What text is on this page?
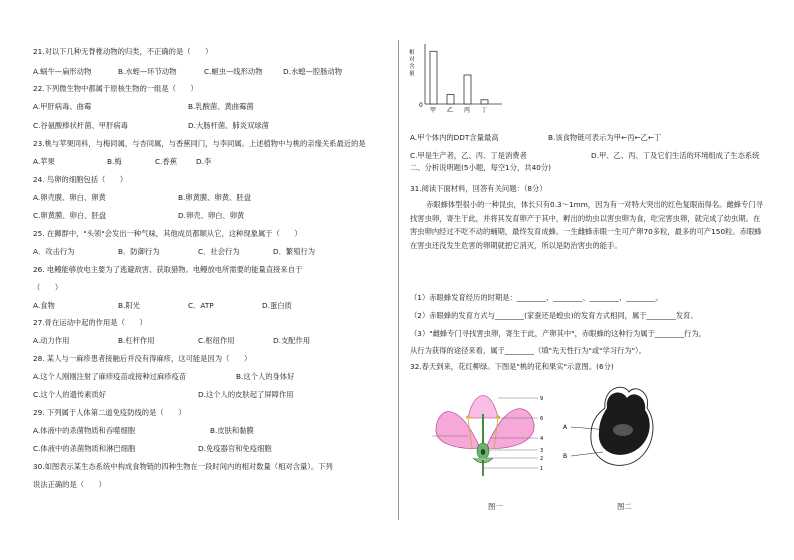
21.对以下几种无脊椎动物的归类，不正确的是（　　）
A.蜗牛—扁形动物	B.水蛭—环节动物	C.蛔虫—线形动物	D.水螅—腔肠动物
22.下列微生物中都属于原核生物的一组是（　　）
A.甲肝病毒、曲霉	B.乳酸菌、黄曲霉菌
C.谷氨酸棒状杆菌、甲肝病毒	D.大肠杆菌、肺炎双球菌
23.桃与苹果同科，与梅同属，与杏同属，与香蕉同门，与李同属。上述植物中与桃的亲缘关系最近的是
A.苹果	B.梅	C.香蕉	D.李
24. 鸟卵的细胞包括（　　）
A.卵壳膜、卵白、卵黄	B.卵黄膜、卵黄、胚盘
C.卵黄膜、卵白、胚盘	D.卵壳、卵白、卵黄
25. 在狮群中，"头领"会发出一种气味，其他成员都顺从它，这种现象属于（　　）
A．攻击行为	B．防御行为	C．社会行为	D．繁殖行为
26. 电鳗能够放电主要为了逃避敌害、获取猎物。电鳗放电所需要的能量直接来自于
（　　）
A.食物	B.阳光	C．ATP	D.蛋白质
27.骨在运动中起的作用是（　　）
A.动力作用	B.杠杆作用	C.枢纽作用	D.支配作用
28. 某人与一麻疹患者接触后并没有得麻疹，这可能是因为（　　）
A.这个人刚刚注射了麻疹疫苗或接种过麻疹疫苗	B.这个人的身体好
C.这个人的遗传素质好	D.这个人的皮肤起了屏障作用
29. 下列属于人体第二道免疫防线的是（　　）
A.体液中的杀菌物质和吞噬细胞	B.皮肤和黏膜
C.体液中的杀菌物质和淋巴细胞	D.免疫器官和免疫细胞
30.如图表示某生态系统中构成食物链的四种生物在一段时间内的相对数量（相对含量）。下列
说法正确的是（　　）
0
相对含量
甲 乙 丙 丁
A.甲个体内的DDT含量最高	B.该食物链可表示为甲←丙←乙←丁
C.甲是生产者，乙、丙、丁是消费者	D.甲、乙、丙、丁及它们生活的环境组成了生态系统
二、分析说明题(5小题，每空1分，共40分)
31.阅读下面材料，回答有关问题：（8分）
赤眼蜂体型很小的一种昆虫，体长只有0.3～1mm，因为有一对特大突出的红色复眼而得名。雌蜂专门寻找害虫卵，寄生于此，并将其发育卵产于其中，孵出的幼虫以害虫卵为食，吃完害虫卵，就完成了幼虫期。在害虫卵内经过不吃不动的蛹期，最终发育成蜂。一生雌蜂赤眼一生可产卵70多粒，最多的可产150粒。赤眼蜂在害虫还没发生危害的卵期就把它消灭，所以是防治害虫的能手。
（1）赤眼蜂发育经历的时期是：________、________、________、________。
（2）赤眼蜂的发育方式与________(家蚕还是蝗虫)的发育方式相同，属于________发育。
（3）"雌蜂专门寻找害虫卵，寄生于此，产卵其中"，赤眼蜂的这种行为属于________行为，
从行为获得的途径来看，属于________（填"先天性行为"或"学习行为"）。
32.春天到来，花红柳绿。下图是"桃的花和果实"示意图。(6分)
9
6
4
3
2
1
A
B
图一	图二
